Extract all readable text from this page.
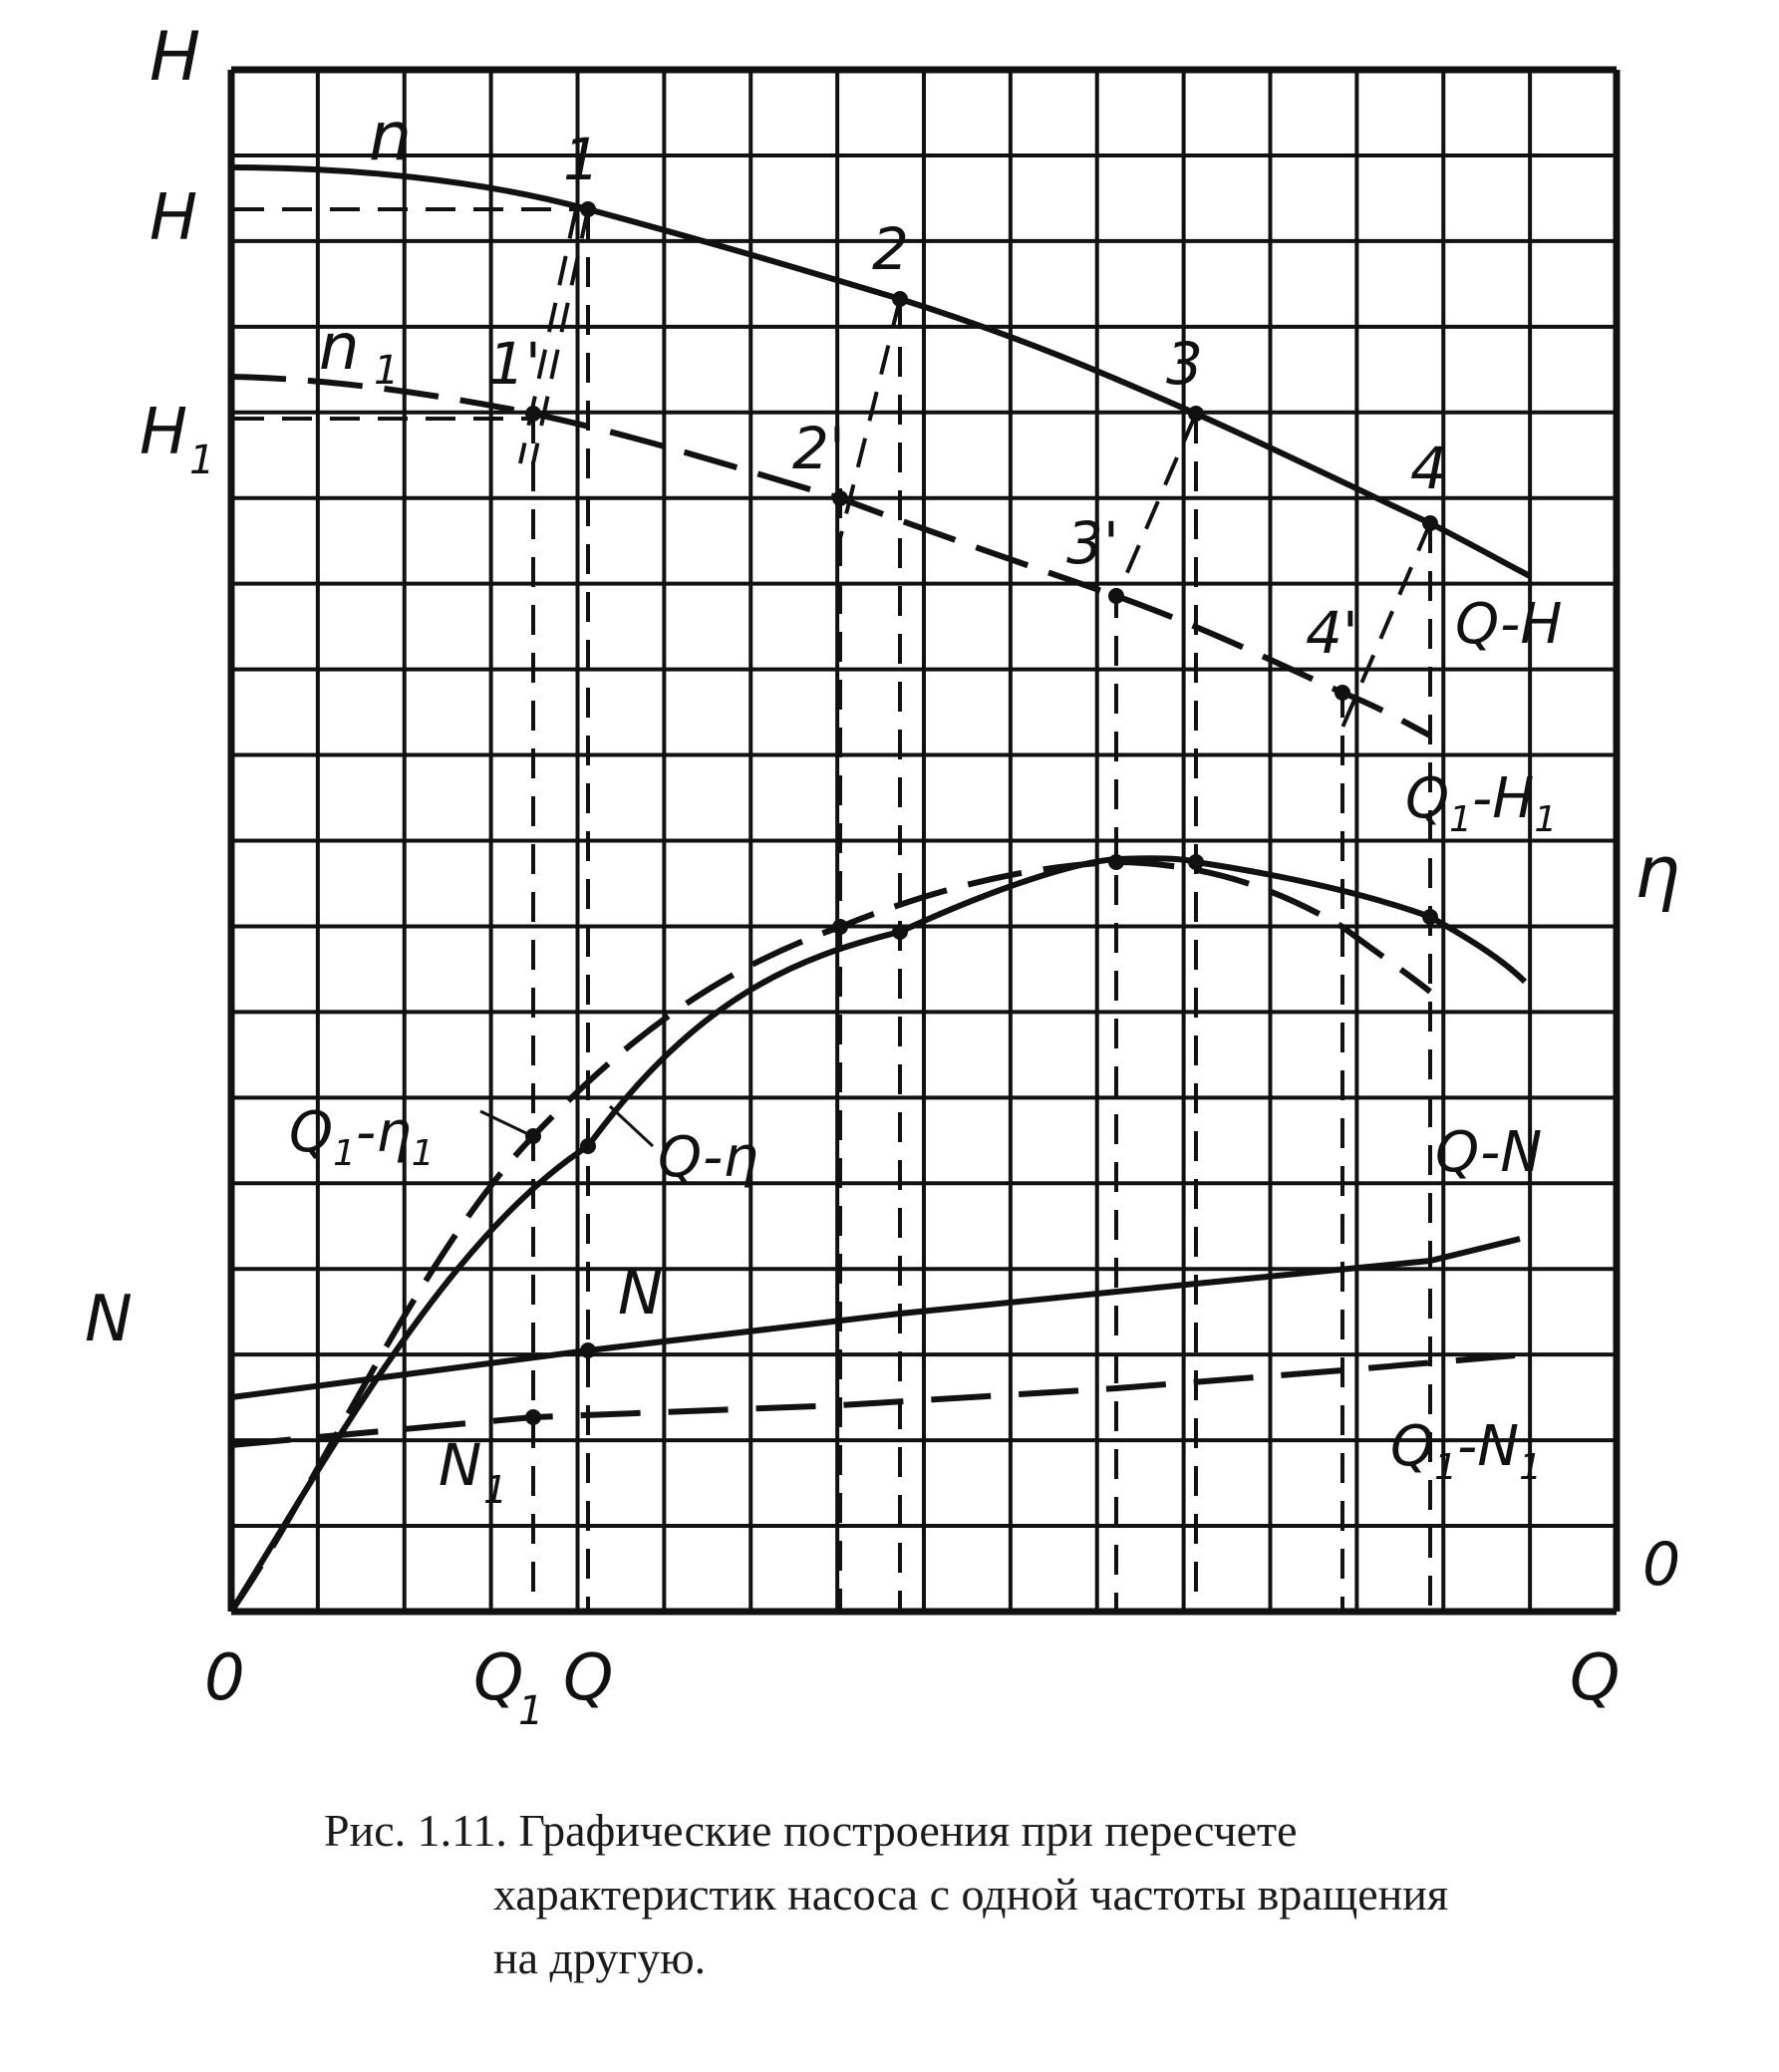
H
η
N
0
0
Q
H
H 1
Q
1 Q
n
n 1
1
2
3
4
1'
2'
3'
4' Q-H
$Q_1-H_1$
Q-η
$Q_1-\eta_1$	Q-N
$Q_1-N_1$
N
N 1
Рис. 1.11. Графические построения при пересчете
характеристик насоса с одной частоты вращения
на другую.
